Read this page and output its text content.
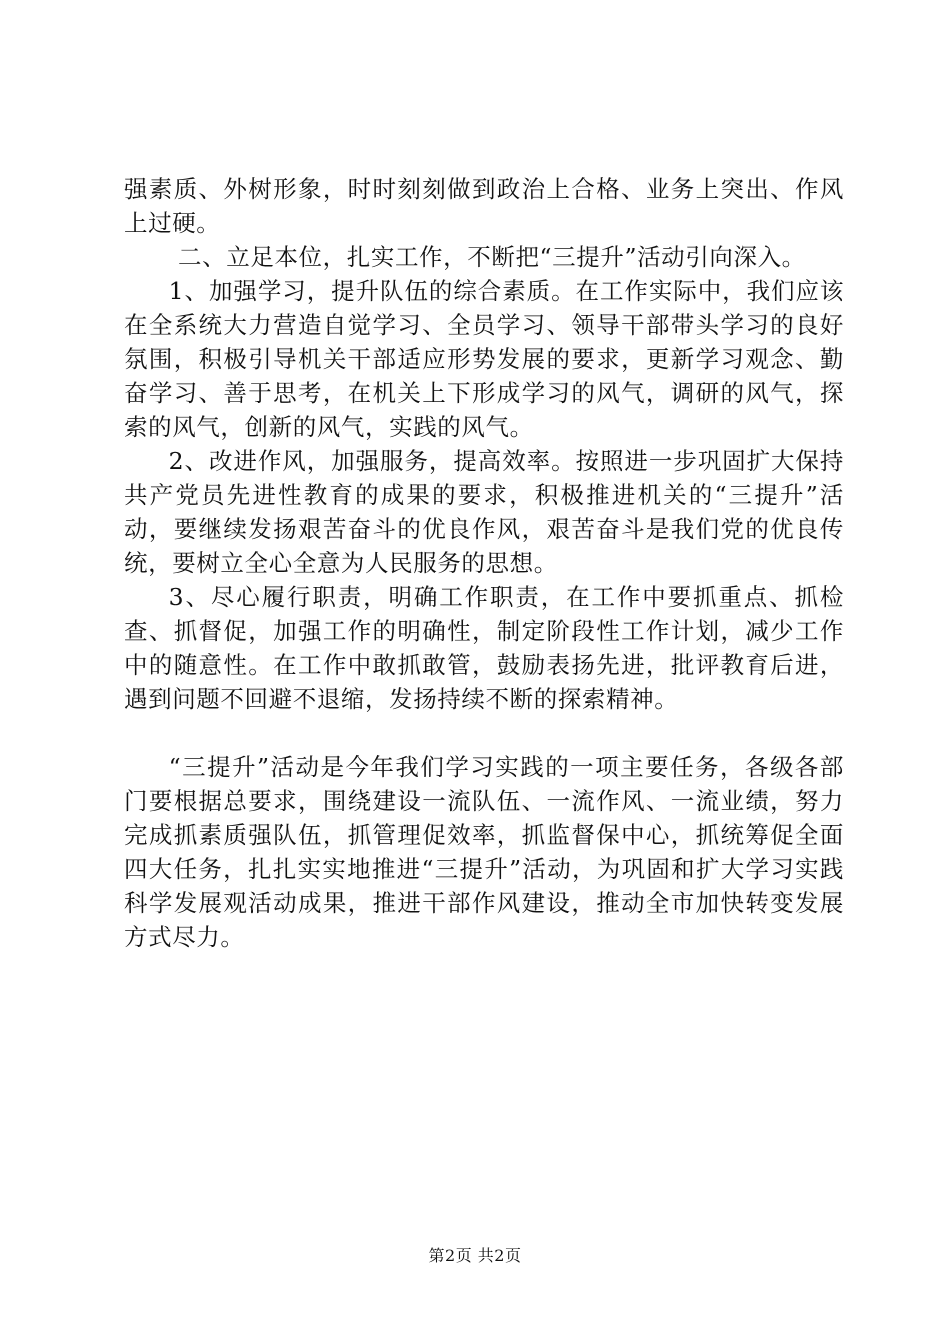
强素质、外树形象，时时刻刻做到政治上合格、业务上突出、作风上过硬。

二、立足本位，扎实工作，不断把“三提升”活动引向深入。

1、加强学习，提升队伍的综合素质。在工作实际中，我们应该在全系统大力营造自觉学习、全员学习、领导干部带头学习的良好氛围，积极引导机关干部适应形势发展的要求，更新学习观念、勤奋学习、善于思考，在机关上下形成学习的风气，调研的风气，探索的风气，创新的风气，实践的风气。

2、改进作风，加强服务，提高效率。按照进一步巩固扩大保持共产党员先进性教育的成果的要求，积极推进机关的“三提升”活动，要继续发扬艰苦奋斗的优良作风，艰苦奋斗是我们党的优良传统，要树立全心全意为人民服务的思想。

3、尽心履行职责，明确工作职责，在工作中要抓重点、抓检查、抓督促，加强工作的明确性，制定阶段性工作计划，减少工作中的随意性。在工作中敢抓敢管，鼓励表扬先进，批评教育后进，遇到问题不回避不退缩，发扬持续不断的探索精神。

“三提升”活动是今年我们学习实践的一项主要任务，各级各部门要根据总要求，围绕建设一流队伍、一流作风、一流业绩，努力完成抓素质强队伍，抓管理促效率，抓监督保中心，抓统筹促全面四大任务，扎扎实实地推进“三提升”活动，为巩固和扩大学习实践科学发展观活动成果，推进干部作风建设，推动全市加快转变发展方式尽力。

第2页 共2页
